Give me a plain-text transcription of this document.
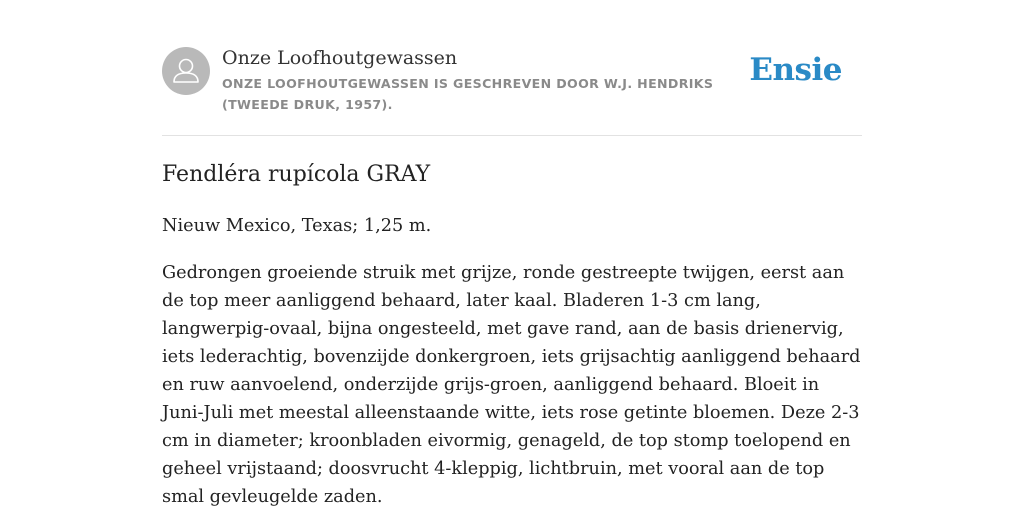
Onze Loofhoutgewassen
ONZE LOOFHOUTGEWASSEN IS GESCHREVEN DOOR W.J. HENDRIKS (TWEEDE DRUK, 1957).
Ensie
Fendléra rupícola GRAY

Nieuw Mexico, Texas; 1,25 m.

Gedrongen groeiende struik met grijze, ronde gestreepte twijgen, eerst aan de top meer aanliggend behaard, later kaal. Bladeren 1-3 cm lang, langwerpig-ovaal, bijna ongesteeld, met gave rand, aan de basis drienervig, iets lederachtig, bovenzijde donkergroen, iets grijsachtig aanliggend behaard en ruw aanvoelend, onderzijde grijs-groen, aanliggend behaard. Bloeit in Juni-Juli met meestal alleenstaande witte, iets rose getinte bloemen. Deze 2-3 cm in diameter; kroonbladen eivormig, genageld, de top stomp toelopend en geheel vrijstaand; doosvrucht 4-kleppig, lichtbruin, met vooral aan de top smal gevleugelde zaden.
